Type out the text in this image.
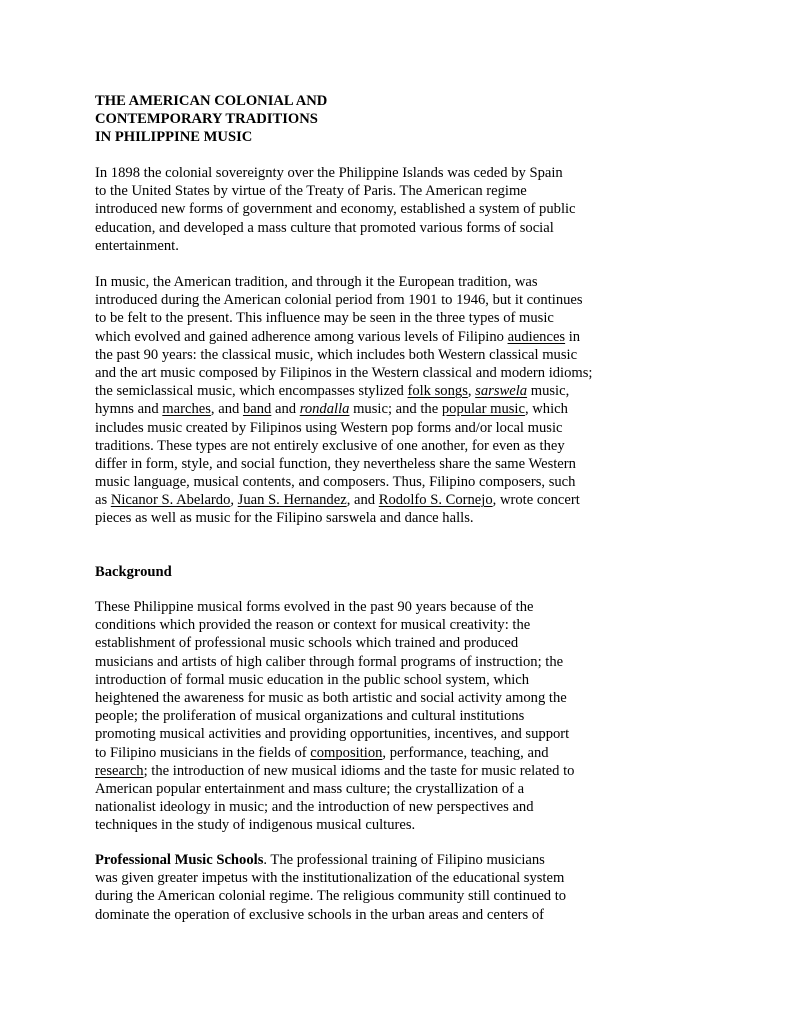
THE AMERICAN COLONIAL AND
CONTEMPORARY TRADITIONS
IN PHILIPPINE MUSIC
In 1898 the colonial sovereignty over the Philippine Islands was ceded by Spain
to the United States by virtue of the Treaty of Paris. The American regime
introduced new forms of government and economy, established a system of public
education, and developed a mass culture that promoted various forms of social
entertainment.
In music, the American tradition, and through it the European tradition, was
introduced during the American colonial period from 1901 to 1946, but it continues
to be felt to the present. This influence may be seen in the three types of music
which evolved and gained adherence among various levels of Filipino audiences in
the past 90 years: the classical music, which includes both Western classical music
and the art music composed by Filipinos in the Western classical and modern idioms;
the semiclassical music, which encompasses stylized folk songs, sarswela music,
hymns and marches, and band and rondalla music; and the popular music, which
includes music created by Filipinos using Western pop forms and/or local music
traditions. These types are not entirely exclusive of one another, for even as they
differ in form, style, and social function, they nevertheless share the same Western
music language, musical contents, and composers. Thus, Filipino composers, such
as Nicanor S. Abelardo, Juan S. Hernandez, and Rodolfo S. Cornejo, wrote concert
pieces as well as music for the Filipino sarswela and dance halls.
Background
These Philippine musical forms evolved in the past 90 years because of the
conditions which provided the reason or context for musical creativity: the
establishment of professional music schools which trained and produced
musicians and artists of high caliber through formal programs of instruction; the
introduction of formal music education in the public school system, which
heightened the awareness for music as both artistic and social activity among the
people; the proliferation of musical organizations and cultural institutions
promoting musical activities and providing opportunities, incentives, and support
to Filipino musicians in the fields of composition, performance, teaching, and
research; the introduction of new musical idioms and the taste for music related to
American popular entertainment and mass culture; the crystallization of a
nationalist ideology in music; and the introduction of new perspectives and
techniques in the study of indigenous musical cultures.
Professional Music Schools. The professional training of Filipino musicians
was given greater impetus with the institutionalization of the educational system
during the American colonial regime. The religious community still continued to
dominate the operation of exclusive schools in the urban areas and centers of
